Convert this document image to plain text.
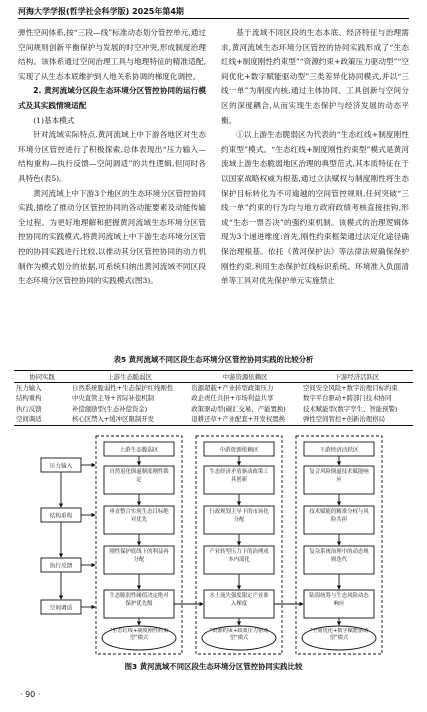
河海大学学报(哲学社会科学版) 2025年第4期

弹性空间体系,按“三段—线”标准动态划分管控单元,通过空间规则创新平衡保护与发展的时空冲突,形成制度治理结构。该体系通过空间治理工具与地理特征的精准适配,实现了从生态本底维护到人地关系协调的梯度化调控。

2. 黄河流域分区段生态环境分区管控协同的运行模式及其实践情境适配

(1)基本模式

针对流域实际特点,黄河流域上中下游各地区对生态环境分区管控进行了积极探索,总体表现出“压力输入—结构重构—执行反馈—空间调适”的共性逻辑,但同时各具特色(表5)。

黄河流域上中下游3个地区的生态环境分区管控协同实践,描绘了推动分区管控协同的各动能要素及动能传输全过程。为更好地理解和把握黄河流域生态环境分区管控协同的实践模式,将黄河流域上中下游生态环境分区管控的协同实践进行比较,以推动其分区管控协同的动力机制作为模式划分的依据,可系统归纳出黄河流域不同区段生态环境分区管控协同的实践模式(图3)。

基于流域不同区段的生态本底、经济特征与治理需求,黄河流域生态环境分区管控的协同实践形成了“生态红线+制度刚性约束型”“资源约束+政策压力驱动型”“空间优化+数字赋能驱动型”三类差异化协同模式,并以“三线一单”为制度内核,通过主体协同、工具创新与空间分区的深度耦合,从而实现生态保护与经济发展的动态平衡。

①以上游生态脆弱区为代表的“生态红线+制度刚性约束型”模式。“生态红线+制度刚性约束型”模式是黄河流域上游生态脆弱地区治理的典型范式,其本质特征在于以国家战略权威为根基,通过立法赋权与制度刚性将生态保护目标转化为不可逾越的空间管控规则,任何突破“三线一单”约束的行为均与地方政府政绩考核直接挂钩,形成“生态一票否决”的强约束机制。该模式的治理逻辑体现为3个递进维度:首先,刚性约束框架通过法定化途径确保治理根基。依托《黄河保护法》等法律法规确保保护刚性约束,利用生态保护红线标识系统、环境准入负面清单等工具对优先保护单元实施禁止

表5 黄河流域不同区段生态环境分区管控协同实践的比较分析
协同实践	上游生态脆弱区	中游资源依赖区	下游经济活跃区
压力输入	自然系统脆弱性+生态保护红线刚性	资源超载+产业转型政策压力	空间安全风险+数字治理目标约束
结构重构	中央直管主导+省际补偿机制	政企责任共担+市场利益共享	数字平台驱动+跨部门技术协同
执行反馈	补偿激励型(生态补偿资金)	政策驱动型(碳汇交易、产能置换)	技术赋能型(数字孪生、智能预警)
空间调适	核心区禁入+缓冲区限制开发	退耕还草+产业配套+开发权置换	弹性空间管控+创新治理格局
压力输入
结构重构
执行反馈
空间调适
上游生态脆弱区	中游资源依赖区	下游经济活跃区
自然退化倒逼制度刚性锁定
垂直整合实现生态目标绝对优先
刚性保护底线下的利益再分配
生态脆弱性阈值决定绝对保护优先级
“生态红线+制度刚性约束型”模式
生态经济矛盾驱动政策工具创新
行政规划主导下的市场化分配
产业转型压力下的治理成本内部化
水土流失强度限定产业准入梯度
“资源约束+政策压力驱动型”模式
复合风险倒逼技术赋能响应
技术赋能的精准分权与风险共担
复杂系统治理中的动态规则迭代
陆海统筹与生态风险动态响应
“空间优化+数字赋能驱动型”模式
图3 黄河流域不同区段生态环境分区管控协同实践比较
· 90 ·
